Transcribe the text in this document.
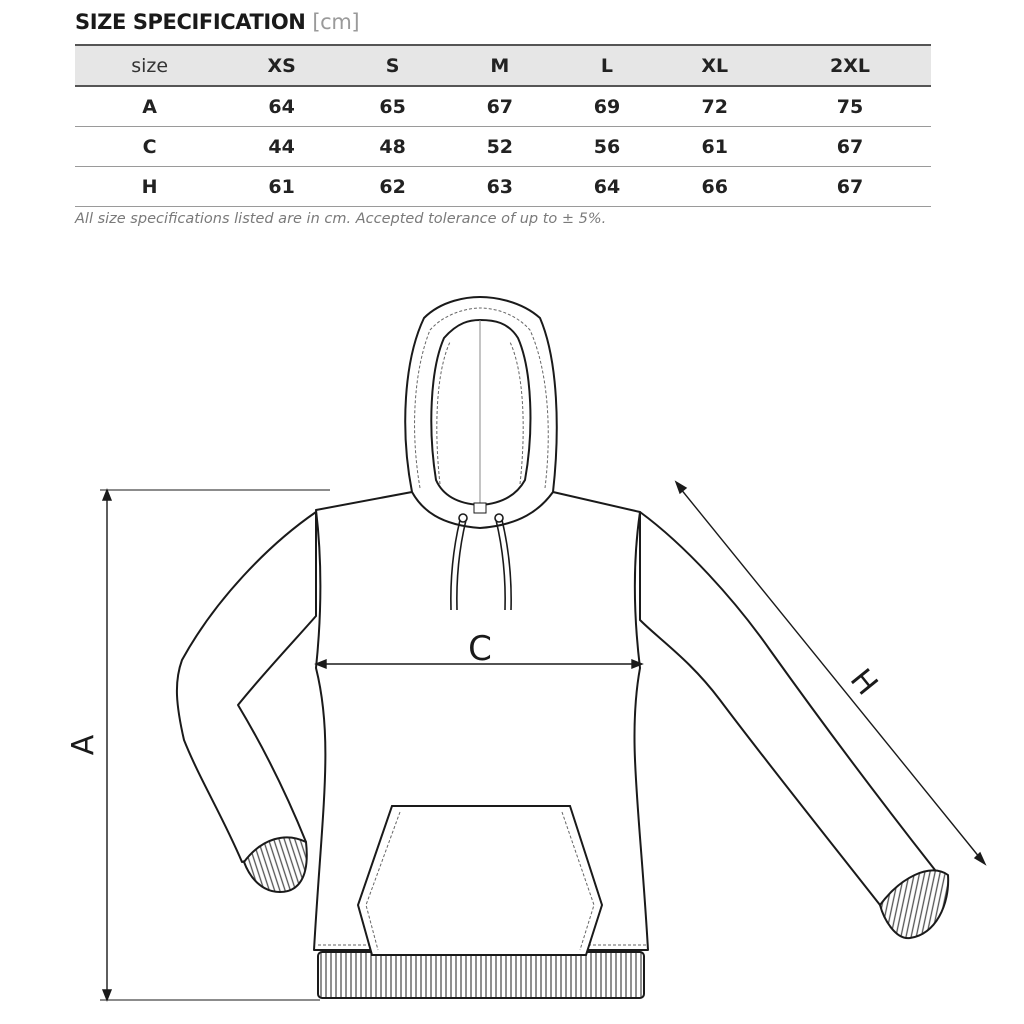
SIZE SPECIFICATION [cm]
size	XS	S	M	L	XL	2XL
A	64	65	67	69	72	75
C	44	48	52	56	61	67
H	61	62	63	64	66	67
All size specifications listed are in cm. Accepted tolerance of up to ± 5%.
A
C
H
